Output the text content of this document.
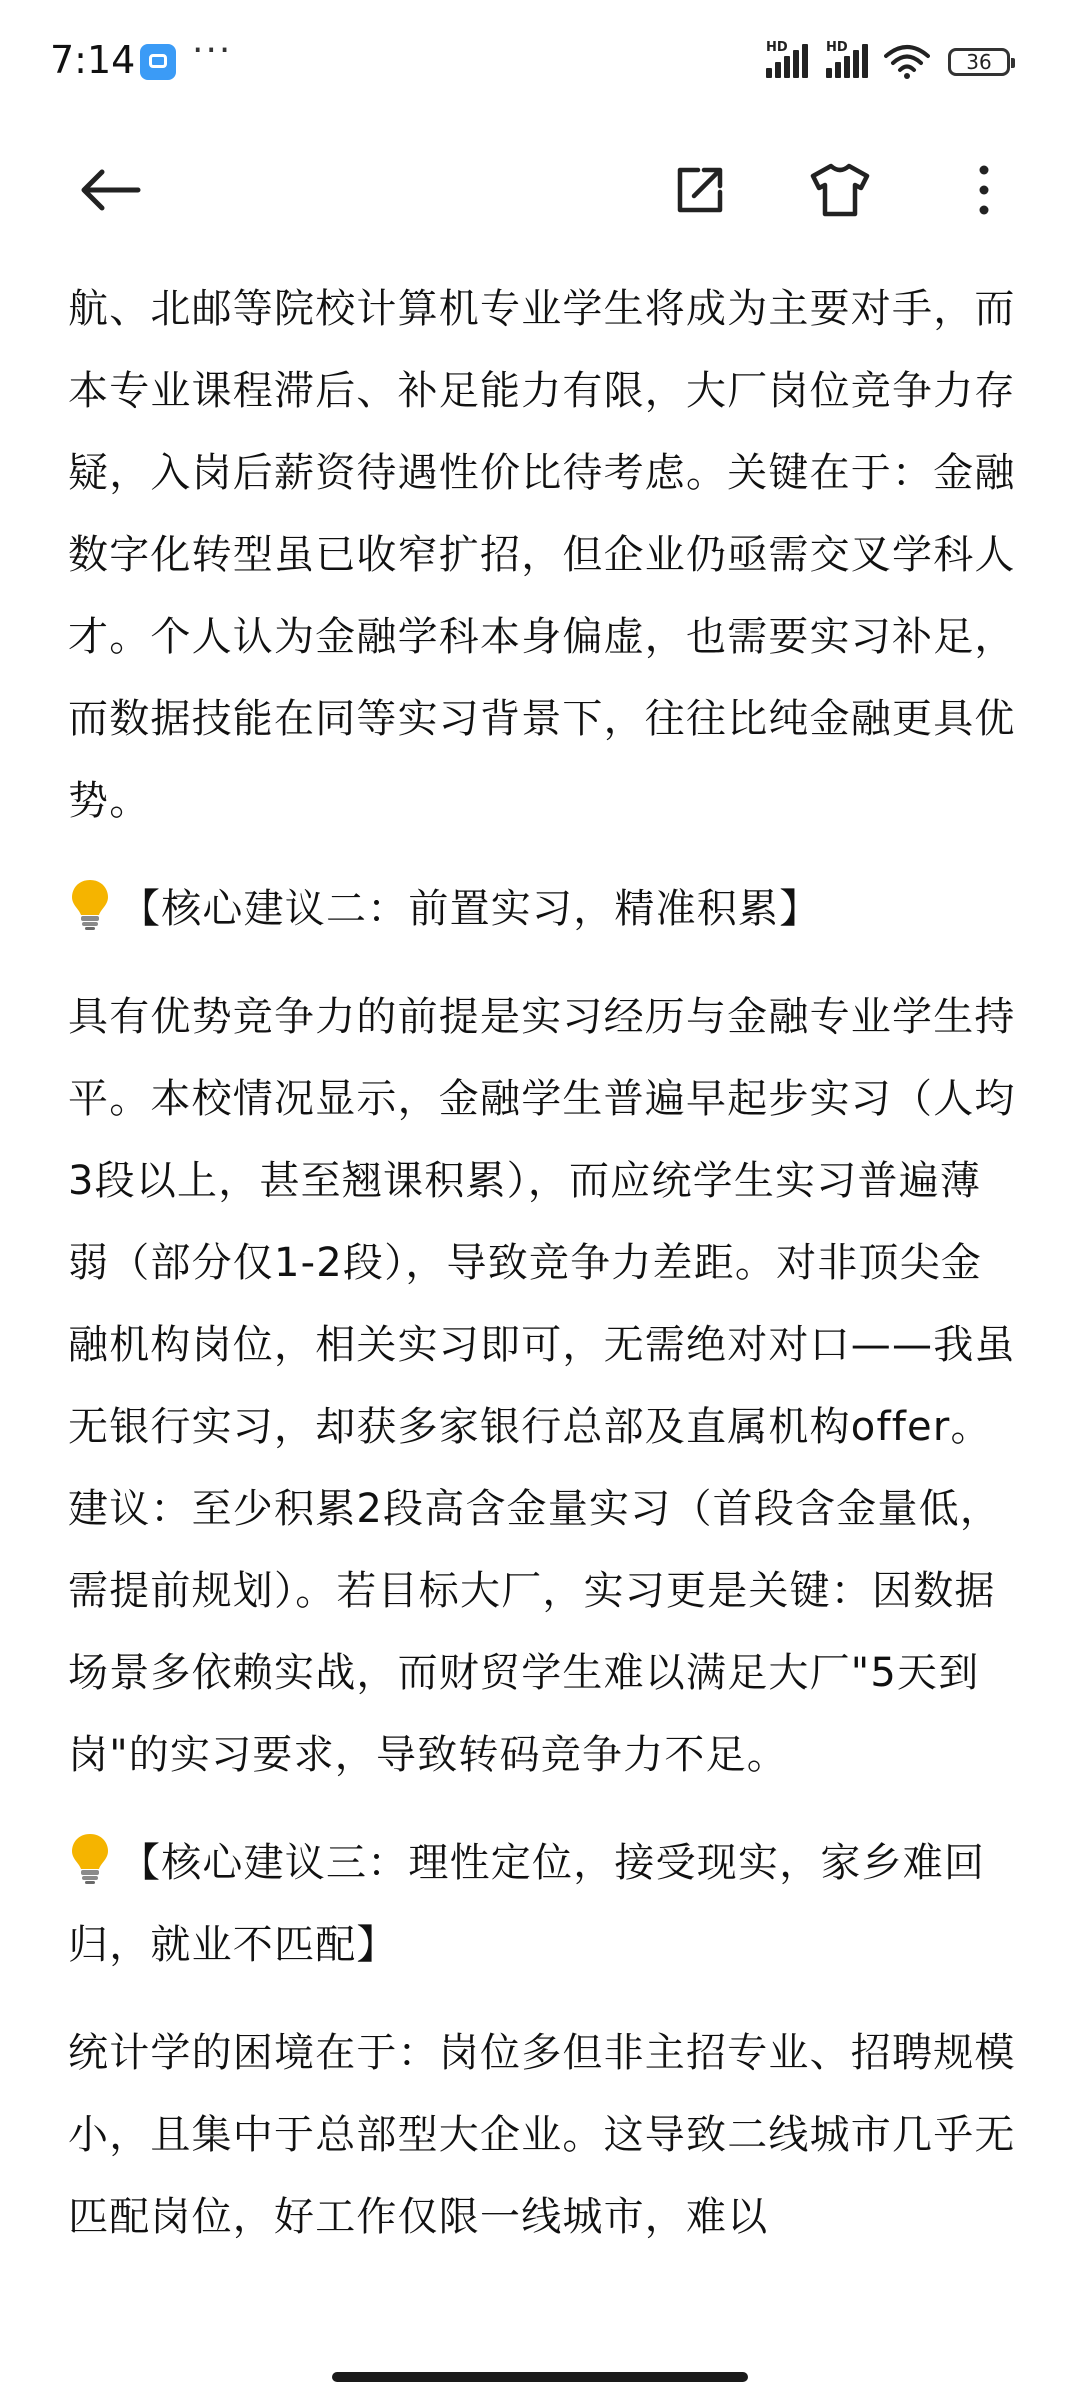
7:14 ···	HD	HD
36

航、北邮等院校计算机专业学生将成为主要对手，而本专业课程滞后、补足能力有限，大厂岗位竞争力存疑，入岗后薪资待遇性价比待考虑。关键在于：金融数字化转型虽已收窄扩招，但企业仍亟需交叉学科人才。个人认为金融学科本身偏虚，也需要实习补足，而数据技能在同等实习背景下，往往比纯金融更具优势。

【核心建议二：前置实习，精准积累】

具有优势竞争力的前提是实习经历与金融专业学生持平。本校情况显示，金融学生普遍早起步实习（人均3段以上，甚至翘课积累），而应统学生实习普遍薄弱（部分仅1-2段），导致竞争力差距。对非顶尖金融机构岗位，相关实习即可，无需绝对对口——我虽无银行实习，却获多家银行总部及直属机构offer。建议：至少积累2段高含金量实习（首段含金量低，需提前规划）。若目标大厂，实习更是关键：因数据场景多依赖实战，而财贸学生难以满足大厂"5天到岗"的实习要求，导致转码竞争力不足。

【核心建议三：理性定位，接受现实，家乡难回归，就业不匹配】

统计学的困境在于：岗位多但非主招专业、招聘规模小，且集中于总部型大企业。这导致二线城市几乎无匹配岗位，好工作仅限一线城市，难以
